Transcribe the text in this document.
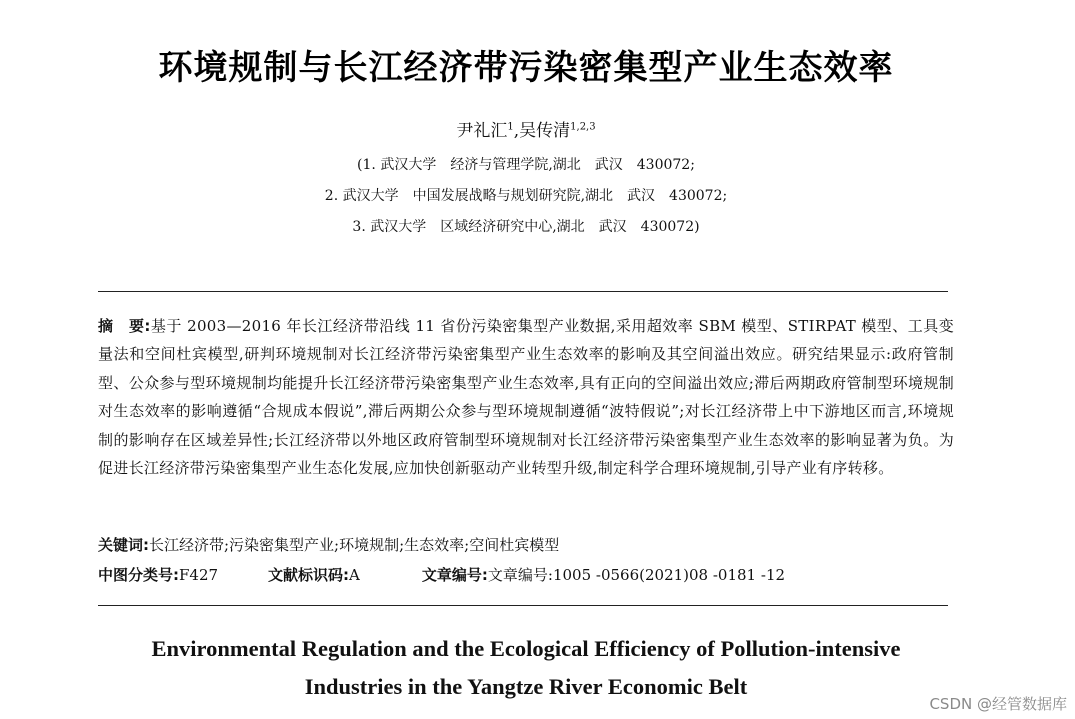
环境规制与长江经济带污染密集型产业生态效率
尹礼汇$^1$,吴传清$^{1,2,3}$
(1. 武汉大学　经济与管理学院,湖北　武汉　430072;
2. 武汉大学　中国发展战略与规划研究院,湖北　武汉　430072;
3. 武汉大学　区域经济研究中心,湖北　武汉　430072)
摘　要:基于 2003—2016 年长江经济带沿线 11 省份污染密集型产业数据,采用超效率 SBM 模型、STIRPAT 模型、工具变量法和空间杜宾模型,研判环境规制对长江经济带污染密集型产业生态效率的影响及其空间溢出效应。研究结果显示:政府管制型、公众参与型环境规制均能提升长江经济带污染密集型产业生态效率,具有正向的空间溢出效应;滞后两期政府管制型环境规制对生态效率的影响遵循“合规成本假说”,滞后两期公众参与型环境规制遵循“波特假说”;对长江经济带上中下游地区而言,环境规制的影响存在区域差异性;长江经济带以外地区政府管制型环境规制对长江经济带污染密集型产业生态效率的影响显著为负。为促进长江经济带污染密集型产业生态化发展,应加快创新驱动产业转型升级,制定科学合理环境规制,引导产业有序转移。
关键词:长江经济带;污染密集型产业;环境规制;生态效率;空间杜宾模型
中图分类号:F427	文献标识码:A	文章编号:文章编号:1005 -0566(2021)08 -0181 -12
Environmental Regulation and the Ecological Efficiency of Pollution-intensive
Industries in the Yangtze River Economic Belt
CSDN @经管数据库
